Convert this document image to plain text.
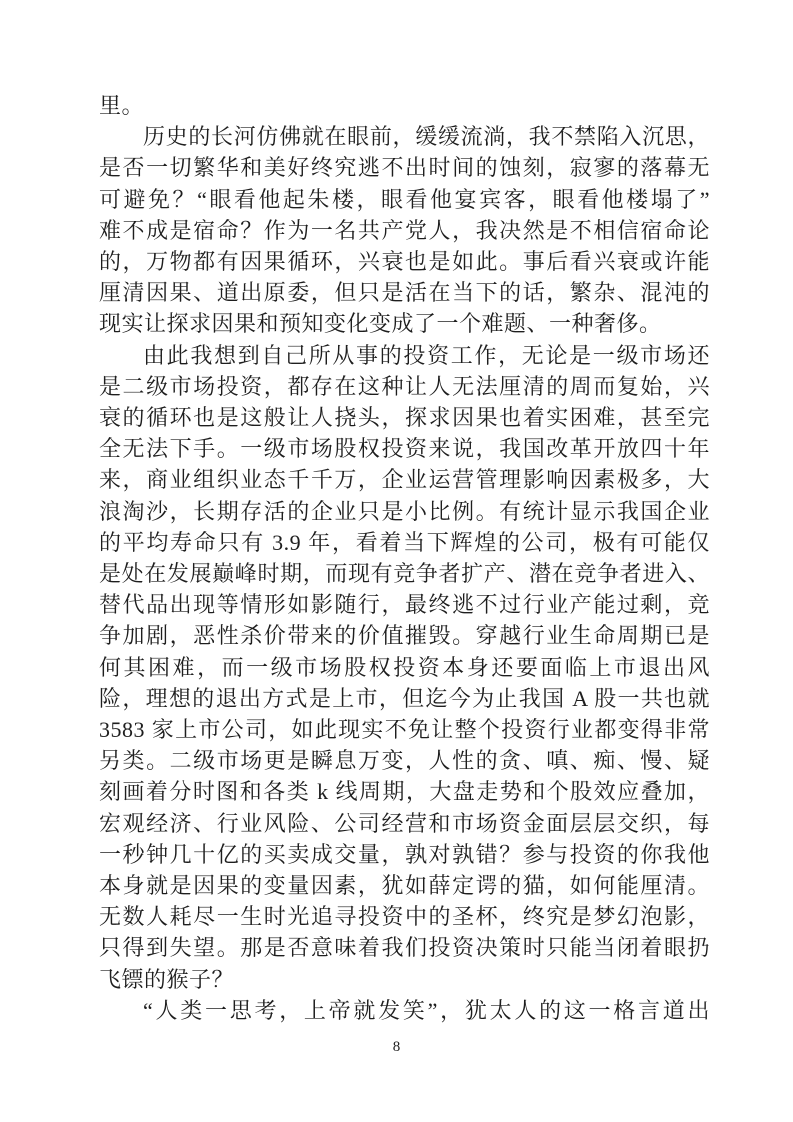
里。

历史的长河仿佛就在眼前，缓缓流淌，我不禁陷入沉思，
是否一切繁华和美好终究逃不出时间的蚀刻，寂寥的落幕无
可避免？“眼看他起朱楼，眼看他宴宾客，眼看他楼塌了”
难不成是宿命？作为一名共产党人，我决然是不相信宿命论
的，万物都有因果循环，兴衰也是如此。事后看兴衰或许能
厘清因果、道出原委，但只是活在当下的话，繁杂、混沌的
现实让探求因果和预知变化变成了一个难题、一种奢侈。

由此我想到自己所从事的投资工作，无论是一级市场还
是二级市场投资，都存在这种让人无法厘清的周而复始，兴
衰的循环也是这般让人挠头，探求因果也着实困难，甚至完
全无法下手。一级市场股权投资来说，我国改革开放四十年
来，商业组织业态千千万，企业运营管理影响因素极多，大
浪淘沙，长期存活的企业只是小比例。有统计显示我国企业
的平均寿命只有 3.9 年，看着当下辉煌的公司，极有可能仅
是处在发展巅峰时期，而现有竞争者扩产、潜在竞争者进入、
替代品出现等情形如影随行，最终逃不过行业产能过剩，竞
争加剧，恶性杀价带来的价值摧毁。穿越行业生命周期已是
何其困难，而一级市场股权投资本身还要面临上市退出风
险，理想的退出方式是上市，但迄今为止我国 A 股一共也就
3583 家上市公司，如此现实不免让整个投资行业都变得非常
另类。二级市场更是瞬息万变，人性的贪、嗔、痴、慢、疑
刻画着分时图和各类 k 线周期，大盘走势和个股效应叠加，
宏观经济、行业风险、公司经营和市场资金面层层交织，每
一秒钟几十亿的买卖成交量，孰对孰错？参与投资的你我他
本身就是因果的变量因素，犹如薛定谔的猫，如何能厘清。
无数人耗尽一生时光追寻投资中的圣杯，终究是梦幻泡影，
只得到失望。那是否意味着我们投资决策时只能当闭着眼扔
飞镖的猴子？

“人类一思考，上帝就发笑”，犹太人的这一格言道出

8
